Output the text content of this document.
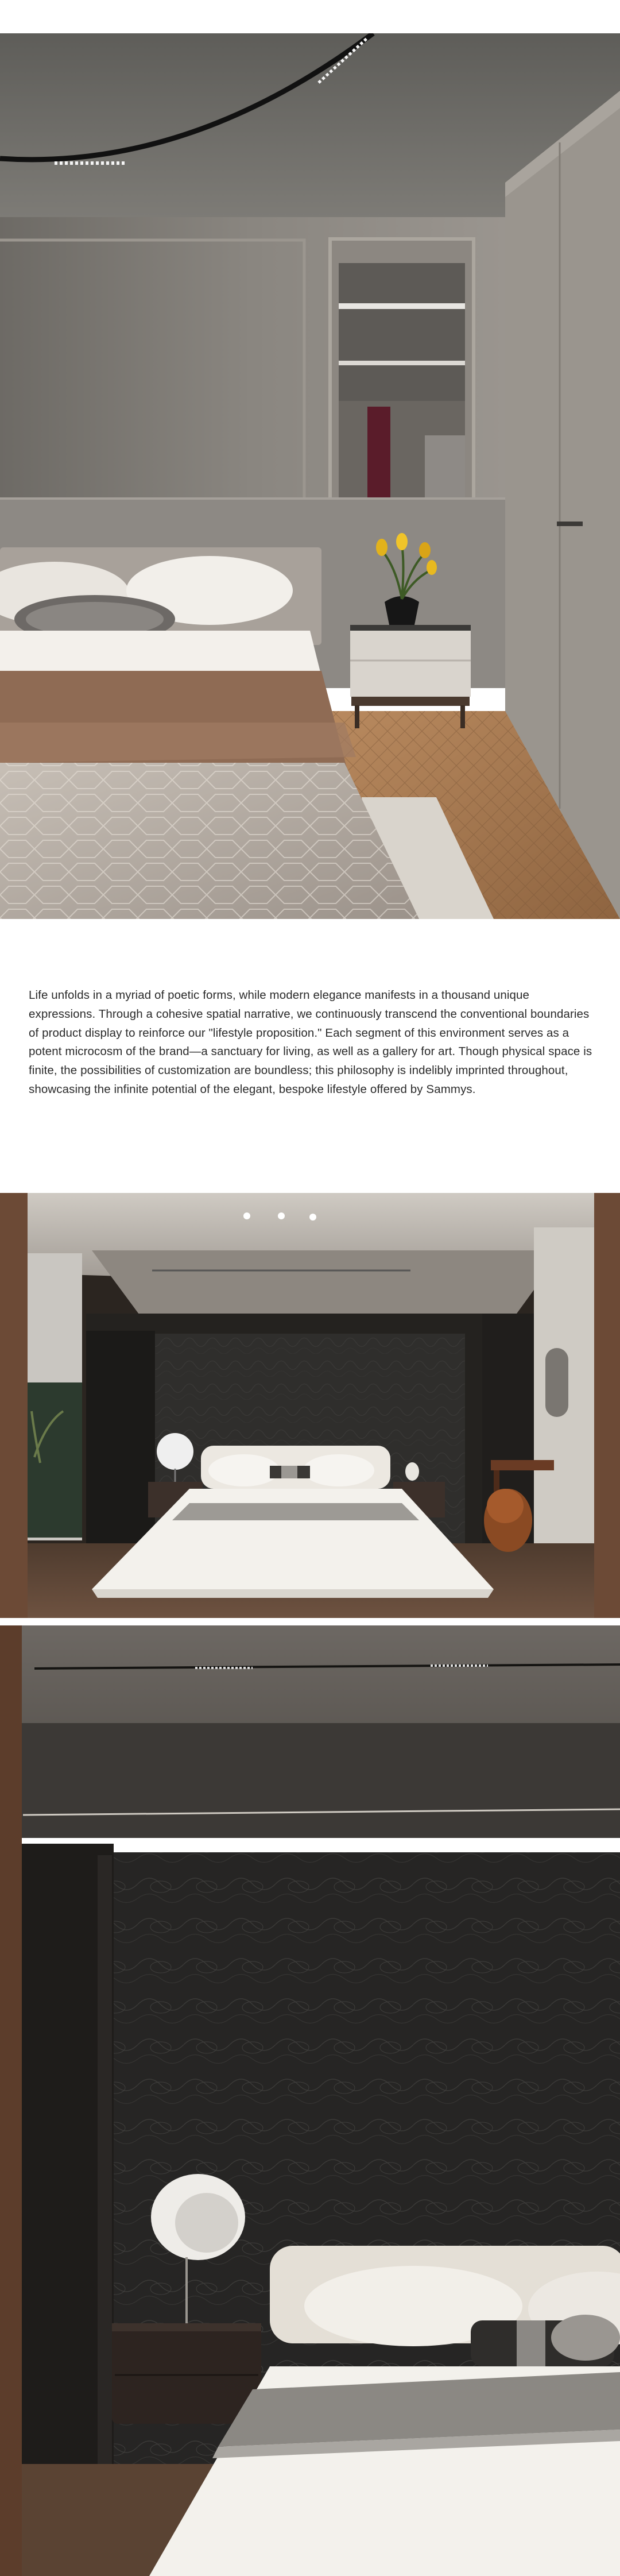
Life unfolds in a myriad of poetic forms, while modern elegance manifests in a thousand unique expressions. Through a cohesive spatial narrative, we continuously transcend the conventional boundaries of product display to reinforce our "lifestyle proposition." Each segment of this environment serves as a potent microcosm of the brand—a sanctuary for living, as well as a gallery for art. Though physical space is finite, the possibilities of customization are boundless; this philosophy is indelibly imprinted throughout, showcasing the infinite potential of the elegant, bespoke lifestyle offered by Sammys.
